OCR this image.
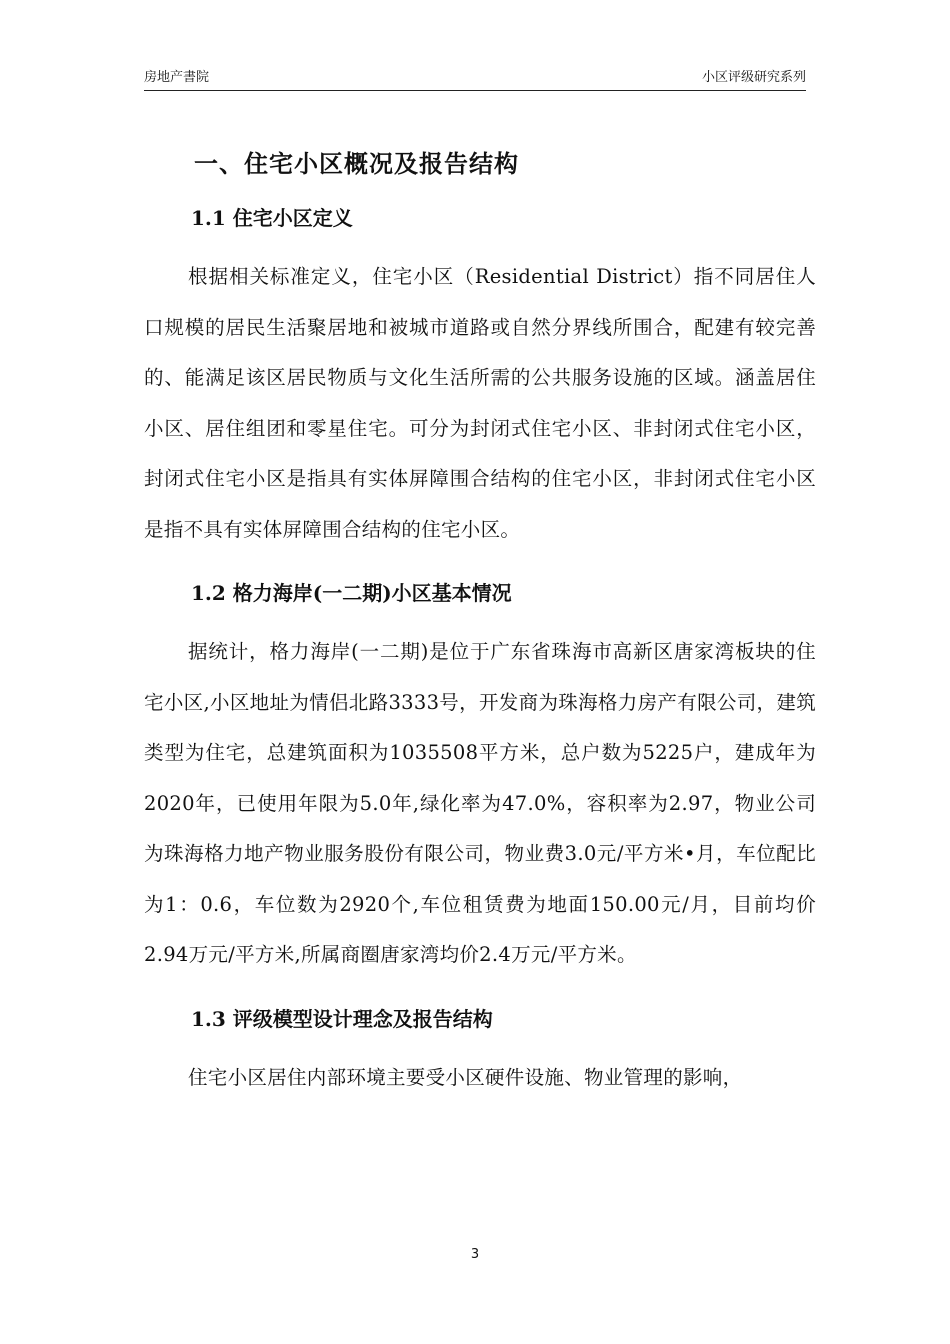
房地产書院	小区评级研究系列
一、住宅小区概况及报告结构
1.1 住宅小区定义

根据相关标准定义，住宅小区（Residential District）指不同居住人口规模的居民生活聚居地和被城市道路或自然分界线所围合，配建有较完善的、能满足该区居民物质与文化生活所需的公共服务设施的区域。涵盖居住小区、居住组团和零星住宅。可分为封闭式住宅小区、非封闭式住宅小区，封闭式住宅小区是指具有实体屏障围合结构的住宅小区，非封闭式住宅小区是指不具有实体屏障围合结构的住宅小区。

1.2 格力海岸(一二期)小区基本情况

据统计，格力海岸(一二期)是位于广东省珠海市高新区唐家湾板块的住宅小区,小区地址为情侣北路3333号，开发商为珠海格力房产有限公司，建筑类型为住宅，总建筑面积为1035508平方米，总户数为5225户，建成年为2020年，已使用年限为5.0年,绿化率为47.0%，容积率为2.97，物业公司为珠海格力地产物业服务股份有限公司，物业费3.0元/平方米•月，车位配比为1：0.6，车位数为2920个,车位租赁费为地面150.00元/月，目前均价2.94万元/平方米,所属商圈唐家湾均价2.4万元/平方米。

1.3 评级模型设计理念及报告结构

住宅小区居住内部环境主要受小区硬件设施、物业管理的影响，

3
